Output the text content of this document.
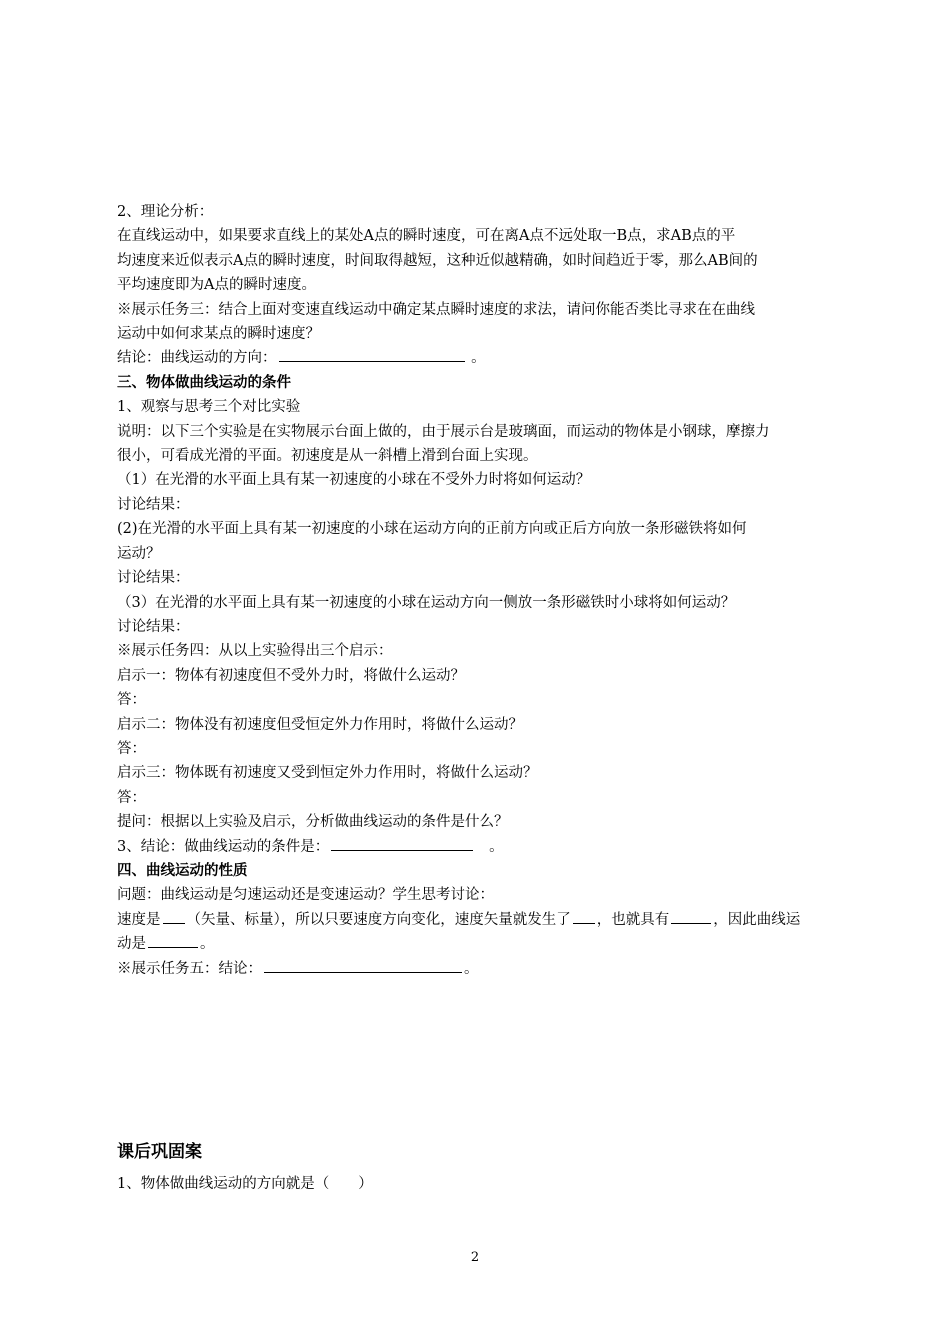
2、理论分析：
在直线运动中，如果要求直线上的某处A点的瞬时速度，可在离A点不远处取一B点，求AB点的平
均速度来近似表示A点的瞬时速度，时间取得越短，这种近似越精确，如时间趋近于零，那么AB间的
平均速度即为A点的瞬时速度。
※展示任务三：结合上面对变速直线运动中确定某点瞬时速度的求法，请问你能否类比寻求在在曲线
运动中如何求某点的瞬时速度？
结论：曲线运动的方向：	。
三、物体做曲线运动的条件
1、观察与思考三个对比实验
说明：以下三个实验是在实物展示台面上做的，由于展示台是玻璃面，而运动的物体是小钢球，摩擦力
很小，可看成光滑的平面。初速度是从一斜槽上滑到台面上实现。
（1）在光滑的水平面上具有某一初速度的小球在不受外力时将如何运动？
讨论结果：
(2)在光滑的水平面上具有某一初速度的小球在运动方向的正前方向或正后方向放一条形磁铁将如何
运动？
讨论结果：
（3）在光滑的水平面上具有某一初速度的小球在运动方向一侧放一条形磁铁时小球将如何运动？
讨论结果：
※展示任务四：从以上实验得出三个启示：
启示一：物体有初速度但不受外力时，将做什么运动？
答：
启示二：物体没有初速度但受恒定外力作用时，将做什么运动？
答：
启示三：物体既有初速度又受到恒定外力作用时，将做什么运动？
答：
提问：根据以上实验及启示，分析做曲线运动的条件是什么？
3、结论：做曲线运动的条件是：	。
四、曲线运动的性质
问题：曲线运动是匀速运动还是变速运动？学生思考讨论：
速度是 （矢量、标量），所以只要速度方向变化，速度矢量就发生了 ，也就具有	，因此曲线运
动是	。
※展示任务五：结论：	。
课后巩固案
1、物体做曲线运动的方向就是（　　）
2
